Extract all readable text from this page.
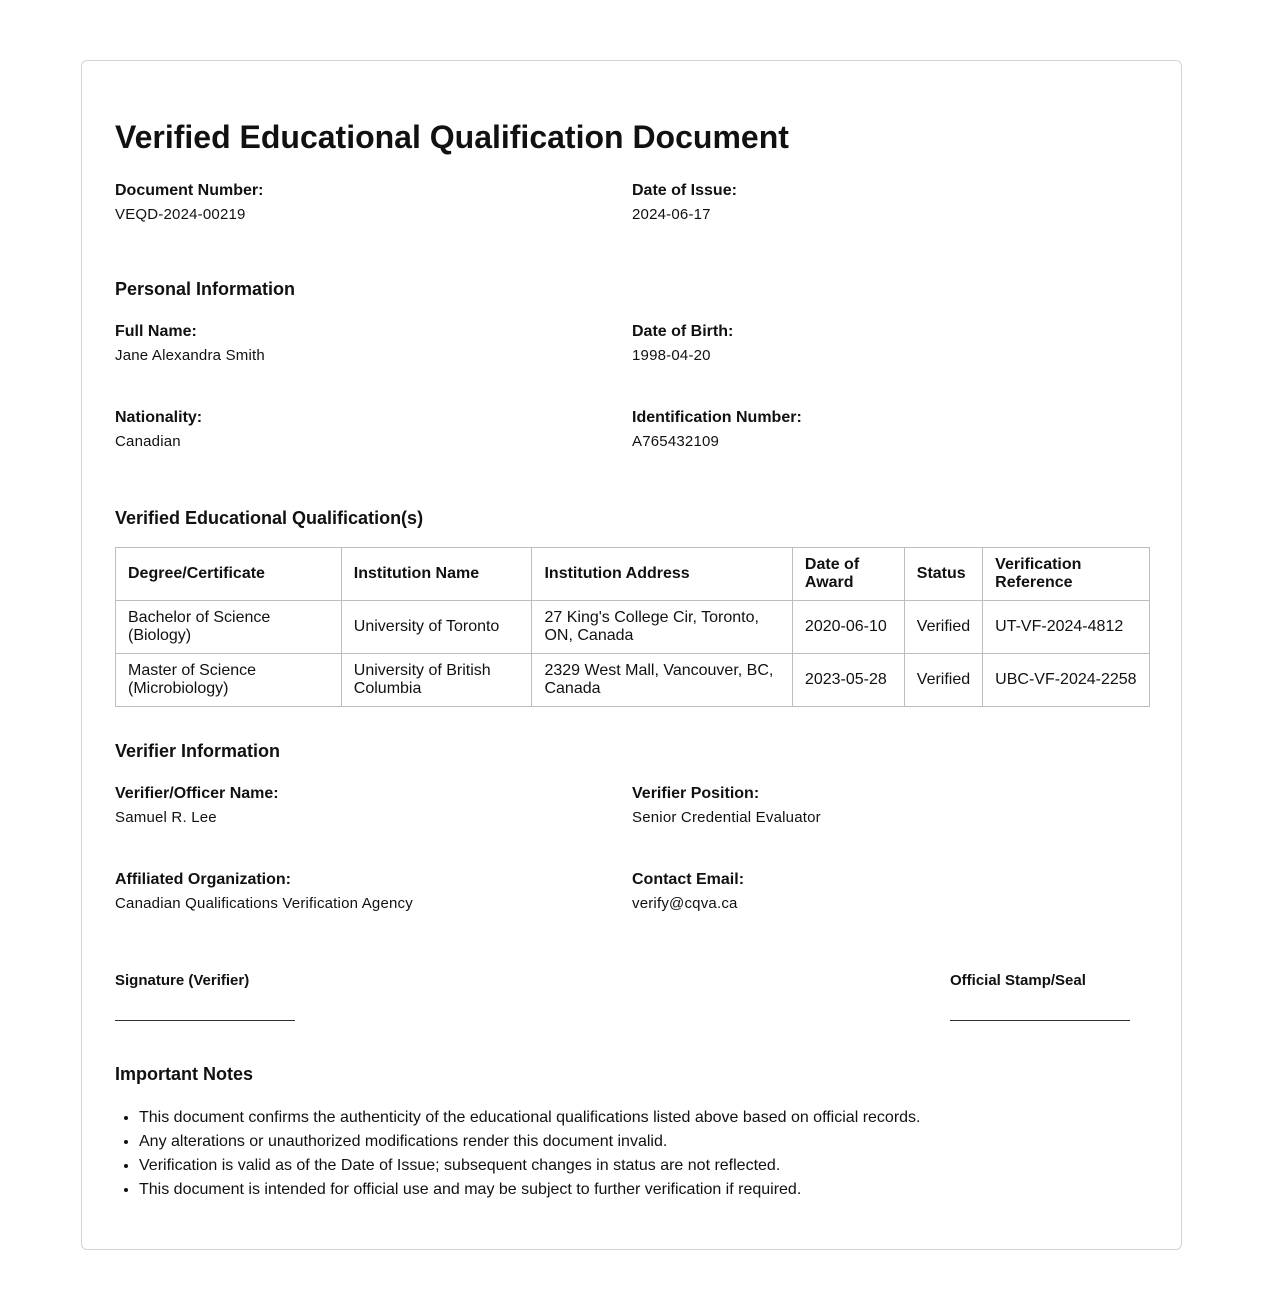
Verified Educational Qualification Document
Document Number:
VEQD-2024-00219
Date of Issue:
2024-06-17
Personal Information
Full Name:
Jane Alexandra Smith
Date of Birth:
1998-04-20
Nationality:
Canadian
Identification Number:
A765432109
Verified Educational Qualification(s)
Degree/Certificate	Institution Name	Institution Address	Date of Award	Status	Verification Reference
Bachelor of Science (Biology)	University of Toronto	27 King's College Cir, Toronto, ON, Canada	2020-06-10	Verified	UT-VF-2024-4812
Master of Science (Microbiology)	University of British Columbia	2329 West Mall, Vancouver, BC, Canada	2023-05-28	Verified	UBC-VF-2024-2258
Verifier Information
Verifier/Officer Name:
Samuel R. Lee
Verifier Position:
Senior Credential Evaluator
Affiliated Organization:
Canadian Qualifications Verification Agency
Contact Email:
verify@cqva.ca
Signature (Verifier)	Official Stamp/Seal
Important Notes
• This document confirms the authenticity of the educational qualifications listed above based on official records.
• Any alterations or unauthorized modifications render this document invalid.
• Verification is valid as of the Date of Issue; subsequent changes in status are not reflected.
• This document is intended for official use and may be subject to further verification if required.
